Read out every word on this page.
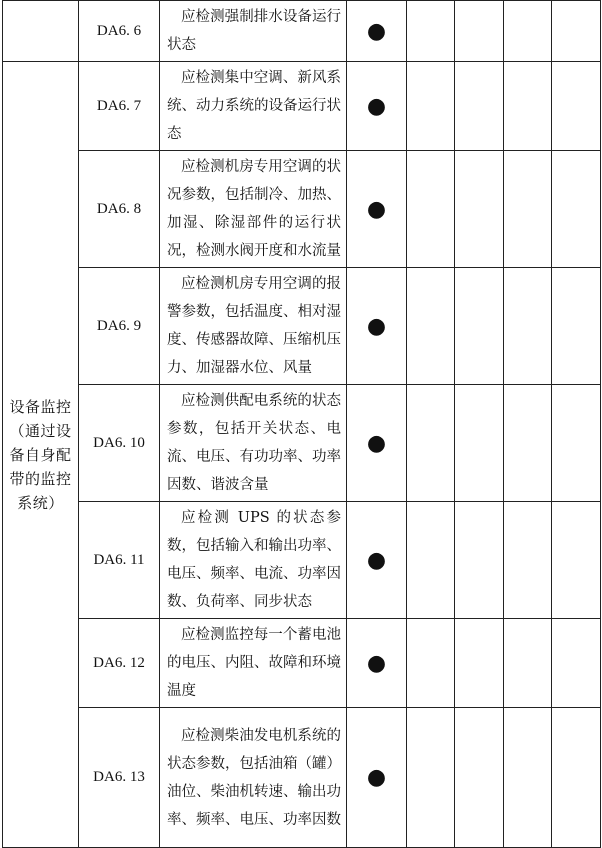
	DA6. 6	应检测强制排水设备运行状态	●				

设备监控
（通过设
备自身配
带的监控
系统）	DA6. 7	应检测集中空调、新风系统、动力系统的设备运行状态	●				
	DA6. 8	应检测机房专用空调的状况参数，包括制冷、加热、加湿、除湿部件的运行状况，检测水阀开度和水流量	●				
	DA6. 9	应检测机房专用空调的报警参数，包括温度、相对湿度、传感器故障、压缩机压力、加湿器水位、风量	●				
	DA6. 10	应检测供配电系统的状态参数，包括开关状态、电流、电压、有功功率、功率因数、谐波含量	●				
	DA6. 11	应检测 UPS 的状态参数，包括输入和输出功率、电压、频率、电流、功率因数、负荷率、同步状态	●				
	DA6. 12	应检测监控每一个蓄电池的电压、内阻、故障和环境温度	●				
	DA6. 13	应检测柴油发电机系统的状态参数，包括油箱（罐）油位、柴油机转速、输出功率、频率、电压、功率因数	●				
